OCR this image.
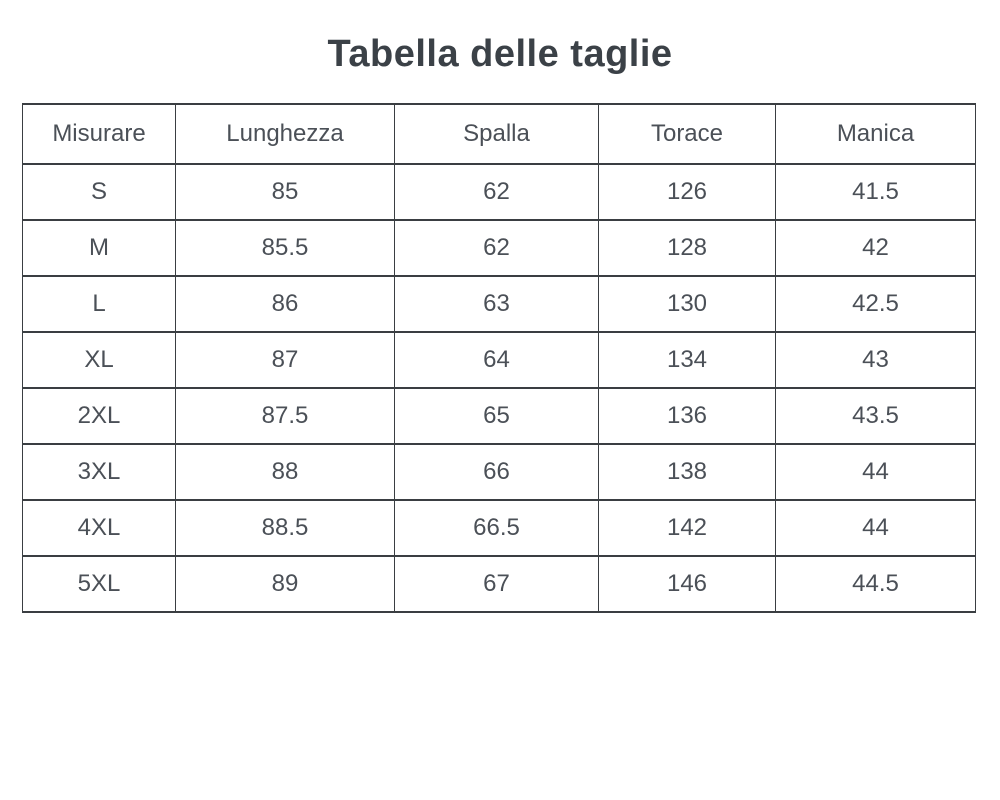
Tabella delle taglie
Misurare	Lunghezza	Spalla	Torace	Manica
S	85	62	126	41.5
M	85.5	62	128	42
L	86	63	130	42.5
XL	87	64	134	43
2XL	87.5	65	136	43.5
3XL	88	66	138	44
4XL	88.5	66.5	142	44
5XL	89	67	146	44.5
